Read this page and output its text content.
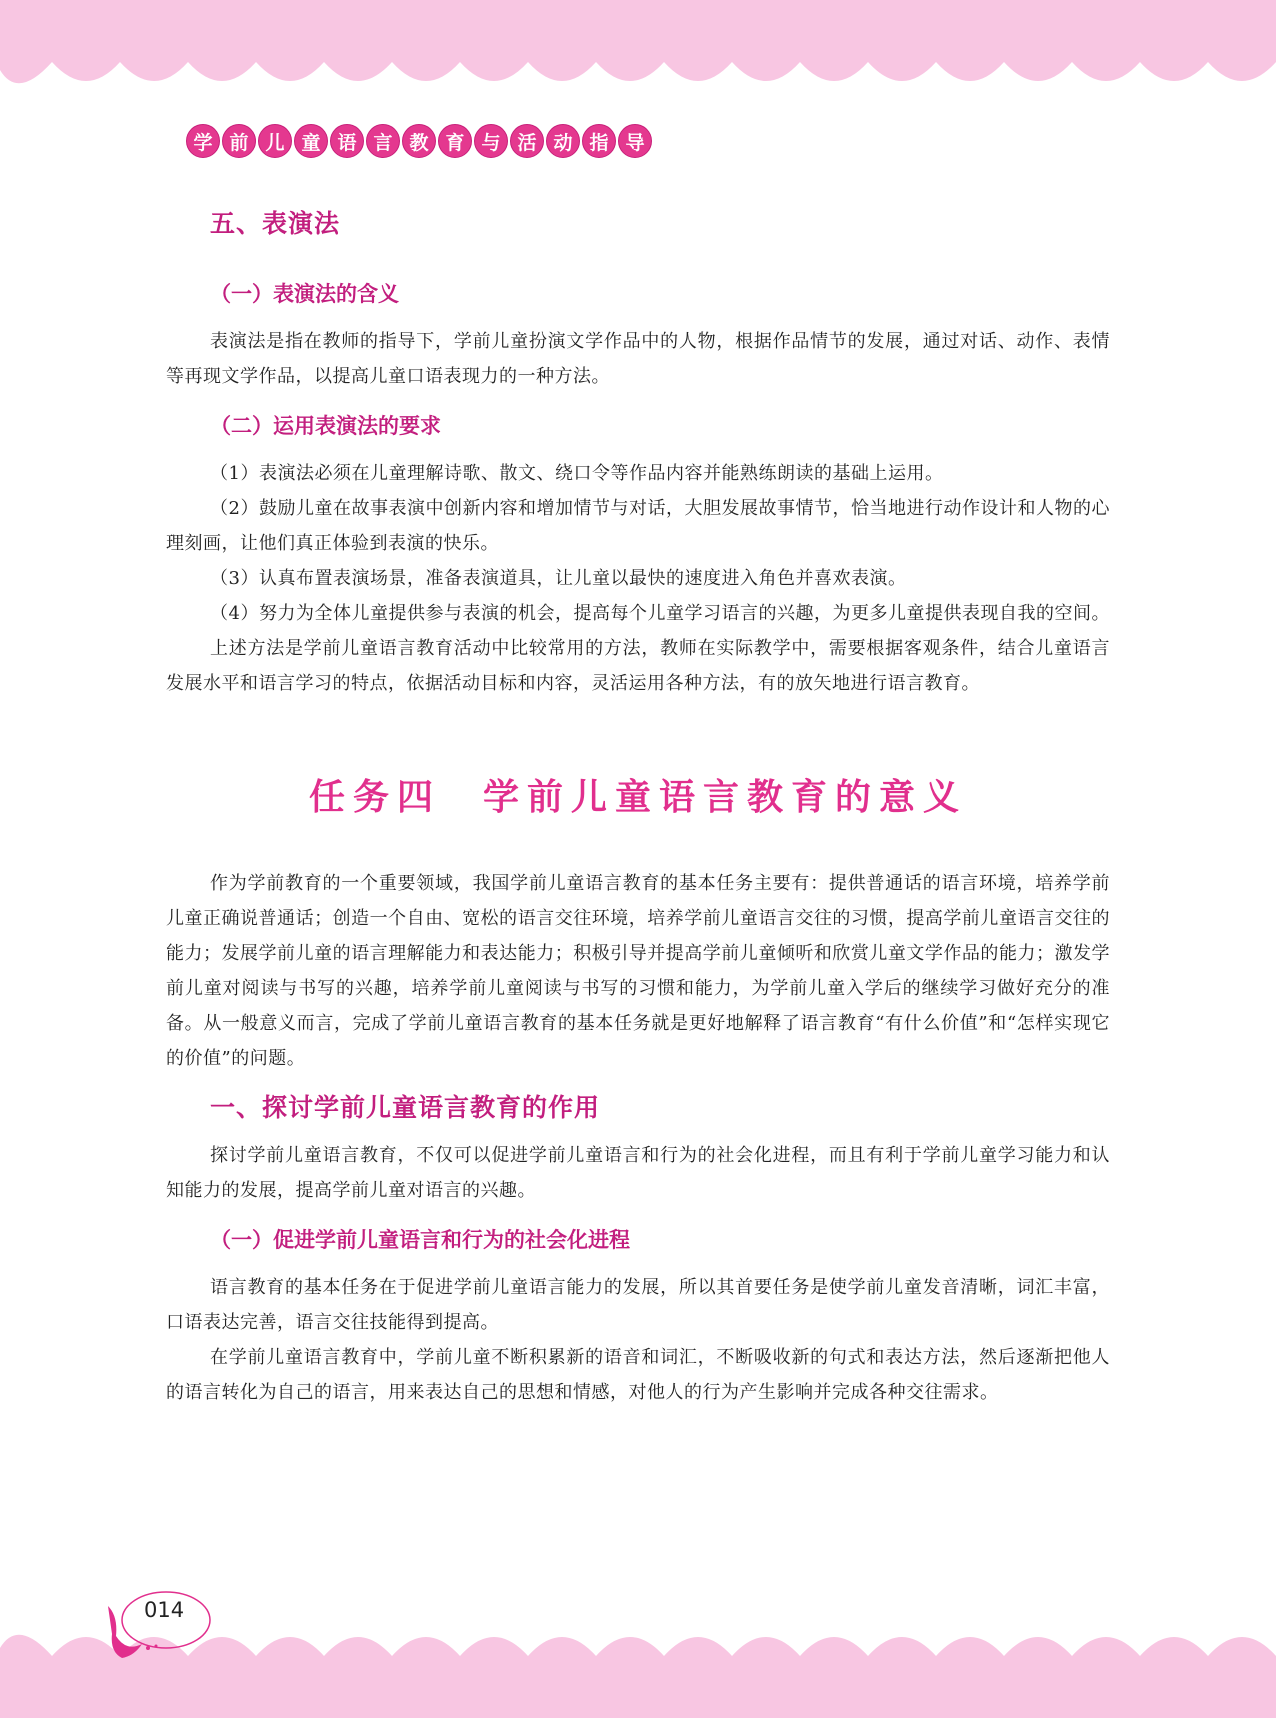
学 前 儿 童 语 言 教 育 与 活 动 指 导
五、表演法
（一）表演法的含义

表演法是指在教师的指导下，学前儿童扮演文学作品中的人物，根据作品情节的发展，通过对话、动作、表情等再现文学作品，以提高儿童口语表现力的一种方法。

（二）运用表演法的要求

（1）表演法必须在儿童理解诗歌、散文、绕口令等作品内容并能熟练朗读的基础上运用。

（2）鼓励儿童在故事表演中创新内容和增加情节与对话，大胆发展故事情节，恰当地进行动作设计和人物的心理刻画，让他们真正体验到表演的快乐。

（3）认真布置表演场景，准备表演道具，让儿童以最快的速度进入角色并喜欢表演。

（4）努力为全体儿童提供参与表演的机会，提高每个儿童学习语言的兴趣，为更多儿童提供表现自我的空间。

上述方法是学前儿童语言教育活动中比较常用的方法，教师在实际教学中，需要根据客观条件，结合儿童语言发展水平和语言学习的特点，依据活动目标和内容，灵活运用各种方法，有的放矢地进行语言教育。

任务四 学前儿童语言教育的意义

作为学前教育的一个重要领域，我国学前儿童语言教育的基本任务主要有：提供普通话的语言环境，培养学前儿童正确说普通话；创造一个自由、宽松的语言交往环境，培养学前儿童语言交往的习惯，提高学前儿童语言交往的能力；发展学前儿童的语言理解能力和表达能力；积极引导并提高学前儿童倾听和欣赏儿童文学作品的能力；激发学前儿童对阅读与书写的兴趣，培养学前儿童阅读与书写的习惯和能力，为学前儿童入学后的继续学习做好充分的准备。从一般意义而言，完成了学前儿童语言教育的基本任务就是更好地解释了语言教育“有什么价值”和“怎样实现它的价值”的问题。

一、探讨学前儿童语言教育的作用

探讨学前儿童语言教育，不仅可以促进学前儿童语言和行为的社会化进程，而且有利于学前儿童学习能力和认知能力的发展，提高学前儿童对语言的兴趣。

（一）促进学前儿童语言和行为的社会化进程

语言教育的基本任务在于促进学前儿童语言能力的发展，所以其首要任务是使学前儿童发音清晰，词汇丰富，口语表达完善，语言交往技能得到提高。

在学前儿童语言教育中，学前儿童不断积累新的语音和词汇，不断吸收新的句式和表达方法，然后逐渐把他人的语言转化为自己的语言，用来表达自己的思想和情感，对他人的行为产生影响并完成各种交往需求。

014
